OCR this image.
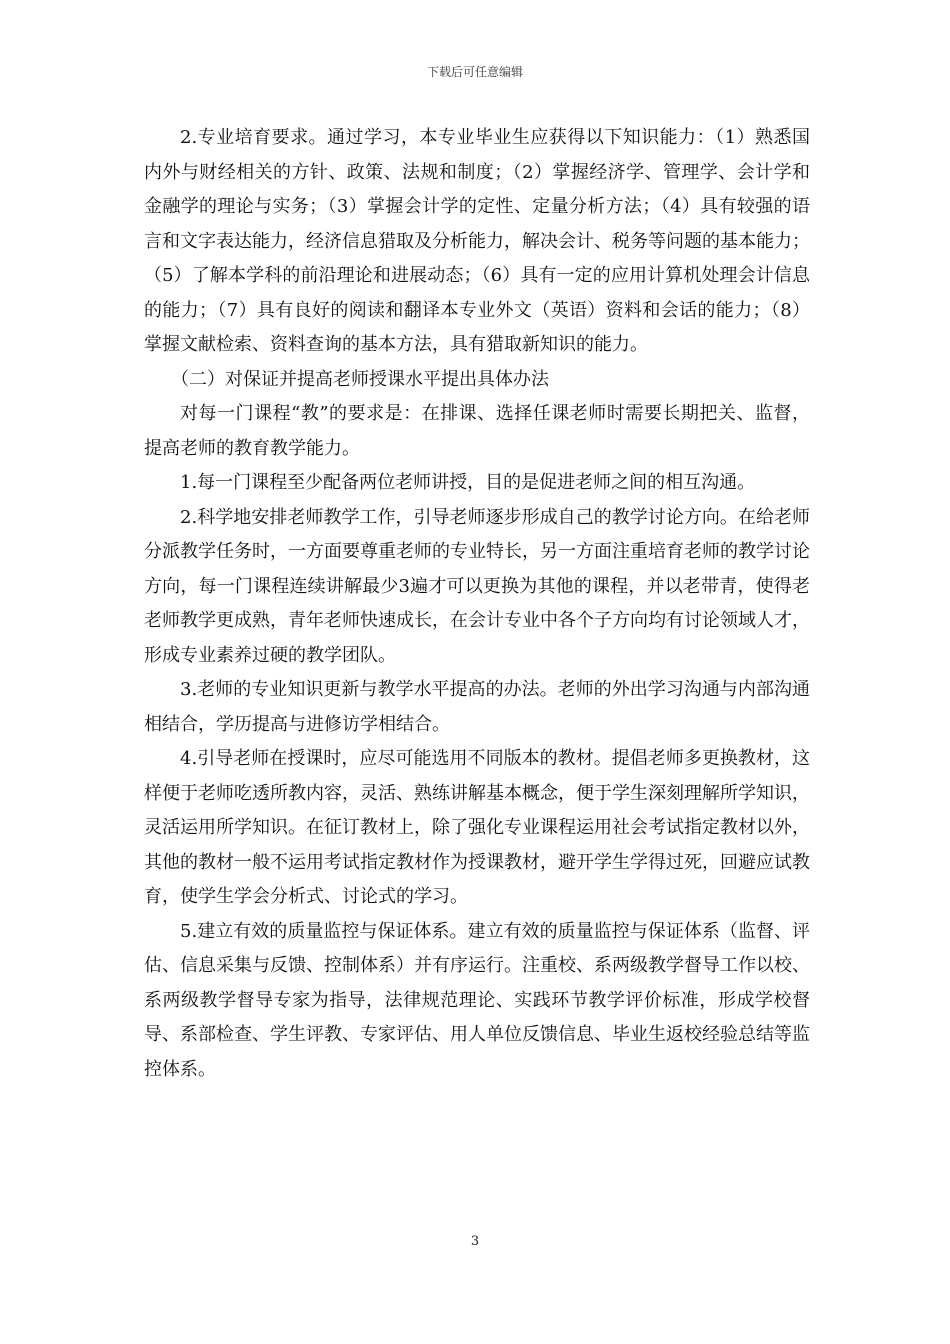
下载后可任意编辑

2.专业培育要求。通过学习，本专业毕业生应获得以下知识能力：（1）熟悉国内外与财经相关的方针、政策、法规和制度；（2）掌握经济学、管理学、会计学和金融学的理论与实务；（3）掌握会计学的定性、定量分析方法；（4）具有较强的语言和文字表达能力，经济信息猎取及分析能力，解决会计、税务等问题的基本能力；（5）了解本学科的前沿理论和进展动态；（6）具有一定的应用计算机处理会计信息的能力；（7）具有良好的阅读和翻译本专业外文（英语）资料和会话的能力；（8）掌握文献检索、资料查询的基本方法，具有猎取新知识的能力。

（二）对保证并提高老师授课水平提出具体办法

对每一门课程“教”的要求是：在排课、选择任课老师时需要长期把关、监督，提高老师的教育教学能力。

1.每一门课程至少配备两位老师讲授，目的是促进老师之间的相互沟通。

2.科学地安排老师教学工作，引导老师逐步形成自己的教学讨论方向。在给老师分派教学任务时，一方面要尊重老师的专业特长，另一方面注重培育老师的教学讨论方向，每一门课程连续讲解最少3遍才可以更换为其他的课程，并以老带青，使得老老师教学更成熟，青年老师快速成长，在会计专业中各个子方向均有讨论领域人才，形成专业素养过硬的教学团队。

3.老师的专业知识更新与教学水平提高的办法。老师的外出学习沟通与内部沟通相结合，学历提高与进修访学相结合。

4.引导老师在授课时，应尽可能选用不同版本的教材。提倡老师多更换教材，这样便于老师吃透所教内容，灵活、熟练讲解基本概念，便于学生深刻理解所学知识，灵活运用所学知识。在征订教材上，除了强化专业课程运用社会考试指定教材以外，其他的教材一般不运用考试指定教材作为授课教材，避开学生学得过死，回避应试教育，使学生学会分析式、讨论式的学习。

5.建立有效的质量监控与保证体系。建立有效的质量监控与保证体系（监督、评估、信息采集与反馈、控制体系）并有序运行。注重校、系两级教学督导工作以校、系两级教学督导专家为指导，法律规范理论、实践环节教学评价标准，形成学校督导、系部检查、学生评教、专家评估、用人单位反馈信息、毕业生返校经验总结等监控体系。

3
